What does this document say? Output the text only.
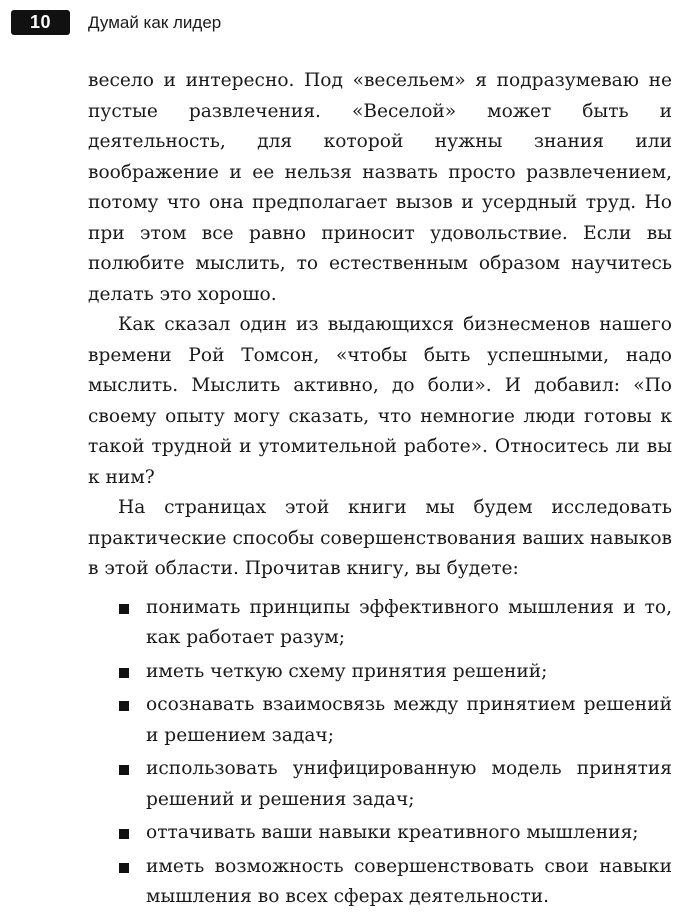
10	Думай как лидер

весело и интересно. Под «весельем» я подразумеваю не пустые развлечения. «Веселой» может быть и деятельность, для которой нужны знания или воображение и ее нельзя назвать просто развлечением, потому что она предполагает вызов и усердный труд. Но при этом все равно приносит удовольствие. Если вы полюбите мыслить, то естественным образом научитесь делать это хорошо.

Как сказал один из выдающихся бизнесменов нашего времени Рой Томсон, «чтобы быть успешными, надо мыслить. Мыслить активно, до боли». И добавил: «По своему опыту могу сказать, что немногие люди готовы к такой трудной и утомительной работе». Относитесь ли вы к ним?

На страницах этой книги мы будем исследовать практические способы совершенствования ваших навыков в этой области. Прочитав книгу, вы будете:

понимать принципы эффективного мышления и то, как работает разум;
иметь четкую схему принятия решений;
осознавать взаимосвязь между принятием решений и решением задач;
использовать унифицированную модель принятия решений и решения задач;
оттачивать ваши навыки креативного мышления;
иметь возможность совершенствовать свои навыки мышления во всех сферах деятельности.
